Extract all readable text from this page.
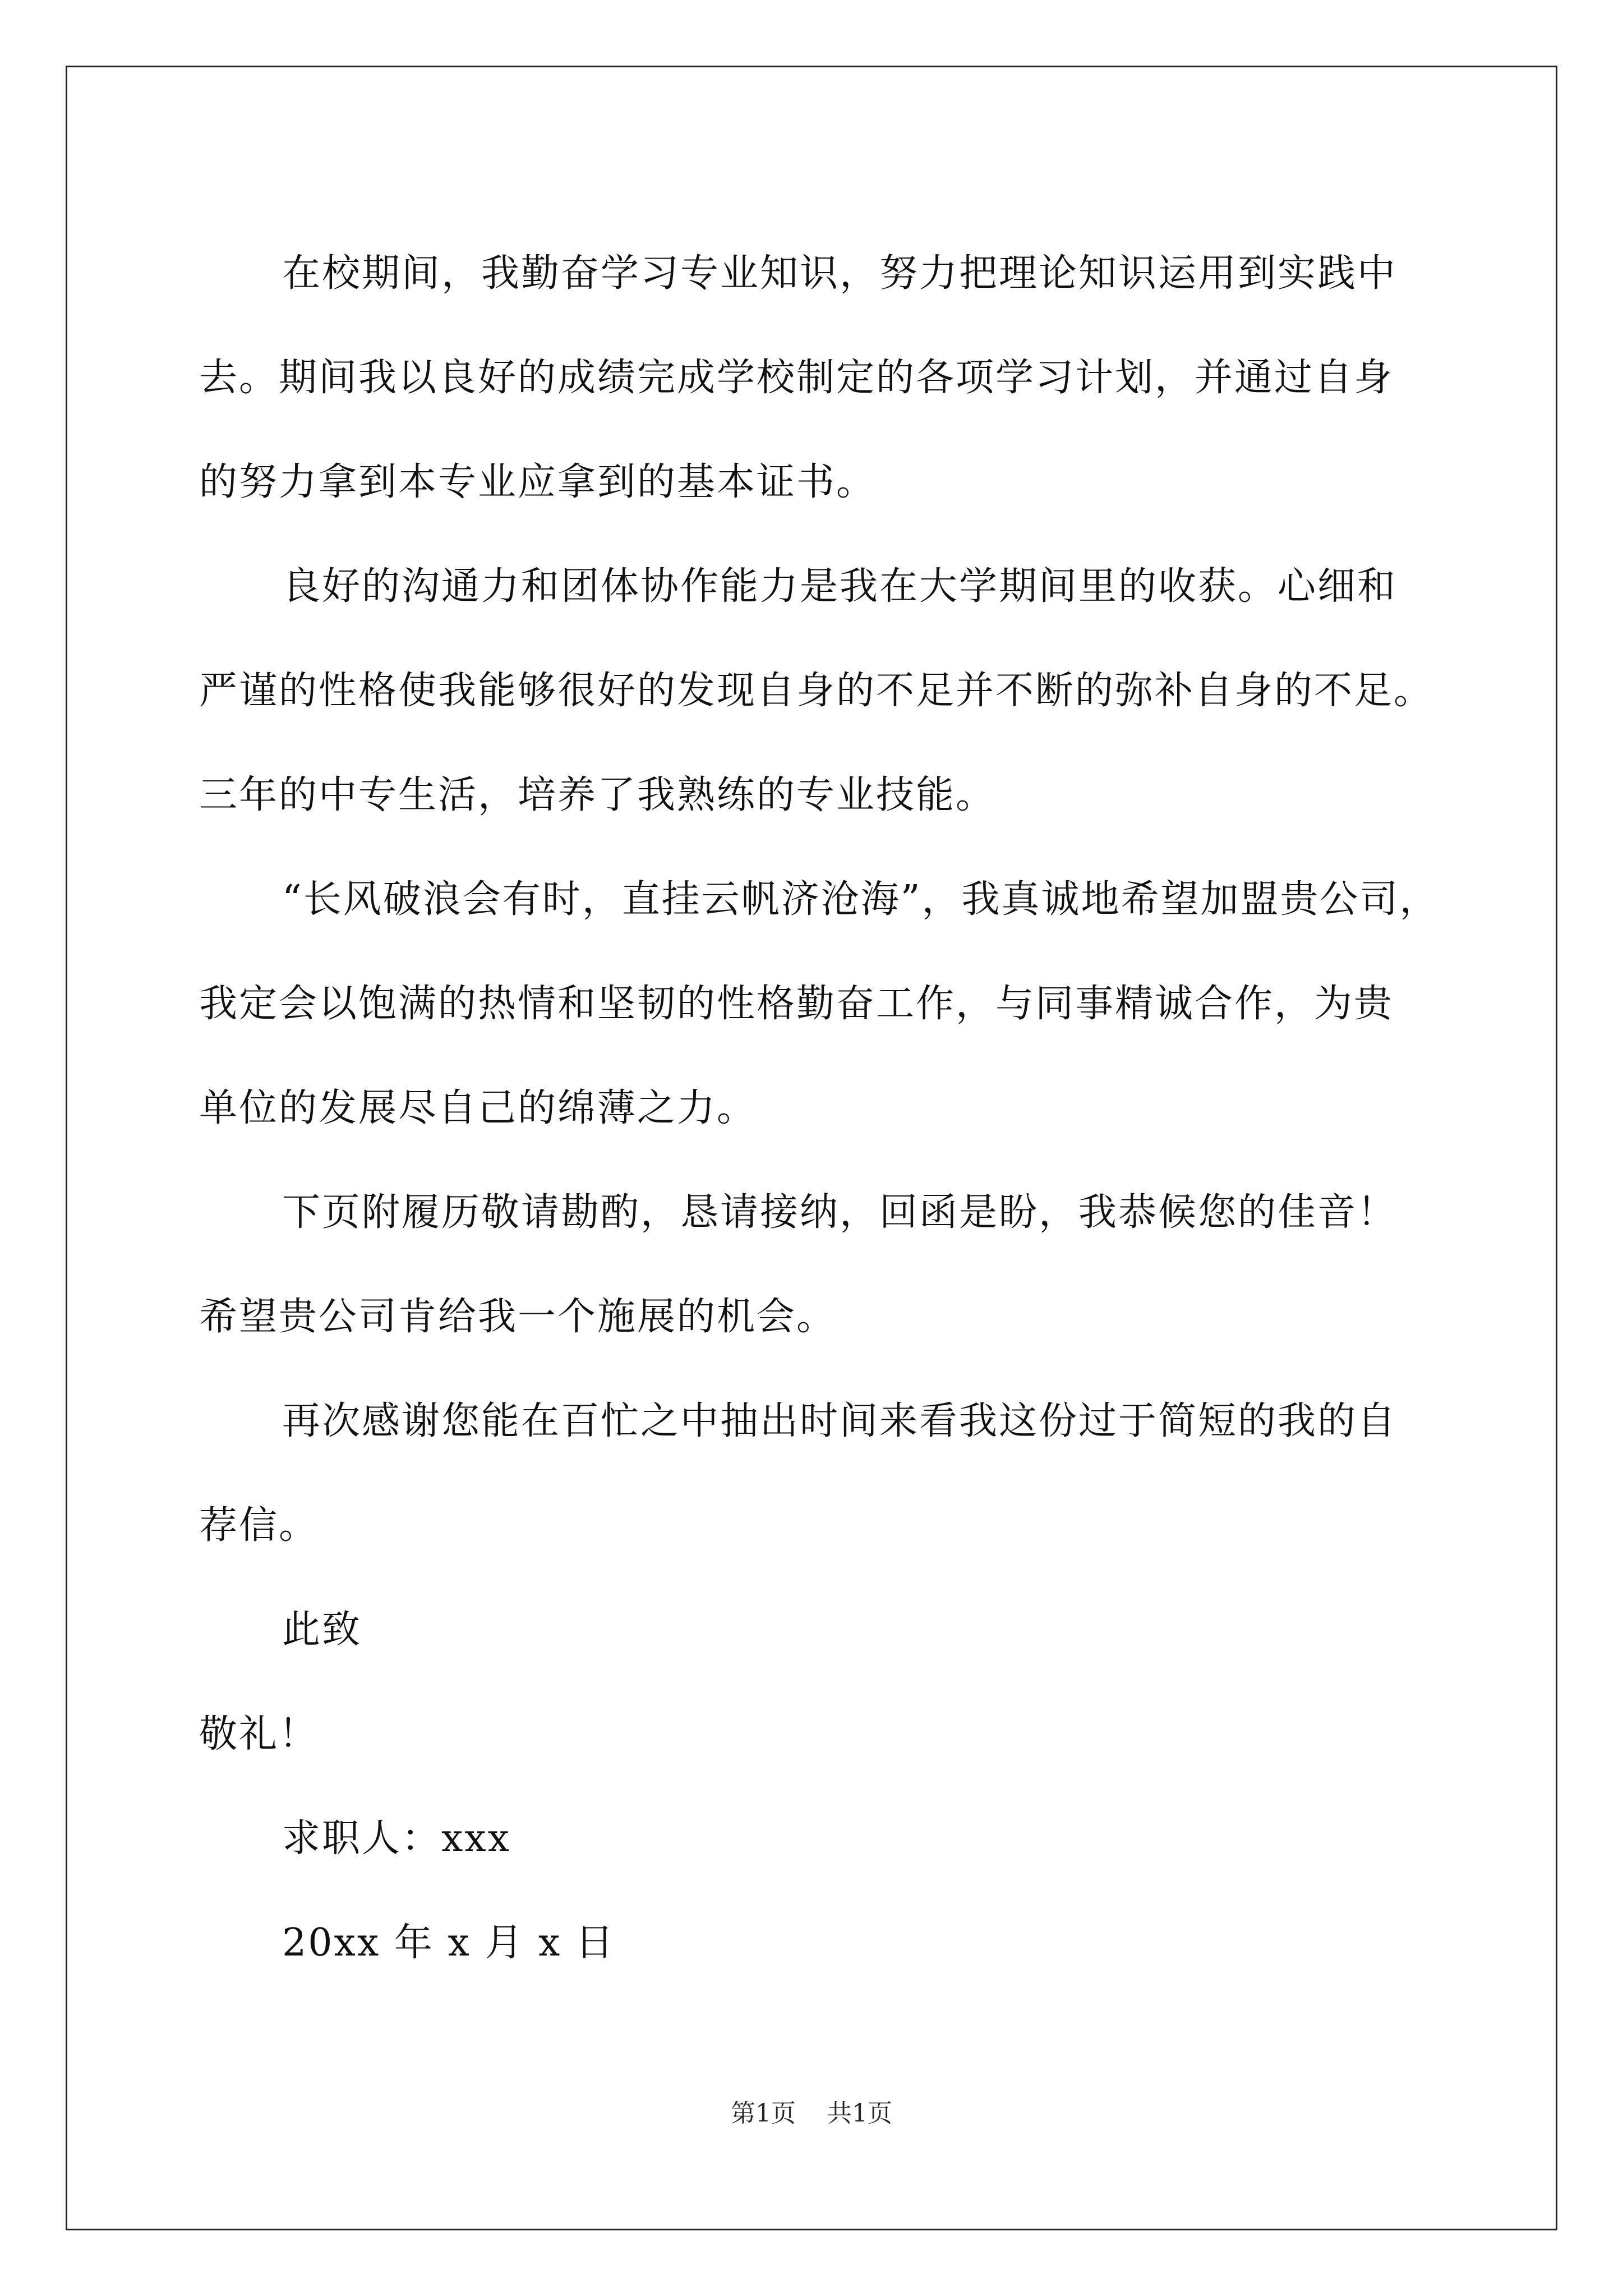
在校期间，我勤奋学习专业知识，努力把理论知识运用到实践中
去。期间我以良好的成绩完成学校制定的各项学习计划，并通过自身
的努力拿到本专业应拿到的基本证书。
良好的沟通力和团体协作能力是我在大学期间里的收获。心细和
严谨的性格使我能够很好的发现自身的不足并不断的弥补自身的不足。
三年的中专生活，培养了我熟练的专业技能。
“长风破浪会有时，直挂云帆济沧海”，我真诚地希望加盟贵公司，
我定会以饱满的热情和坚韧的性格勤奋工作，与同事精诚合作，为贵
单位的发展尽自己的绵薄之力。
下页附履历敬请勘酌，恳请接纳，回函是盼，我恭候您的佳音！
希望贵公司肯给我一个施展的机会。
再次感谢您能在百忙之中抽出时间来看我这份过于简短的我的自
荐信。
此致
敬礼！
求职人：xxx
20xx 年 x 月 x 日
第1页 共1页
